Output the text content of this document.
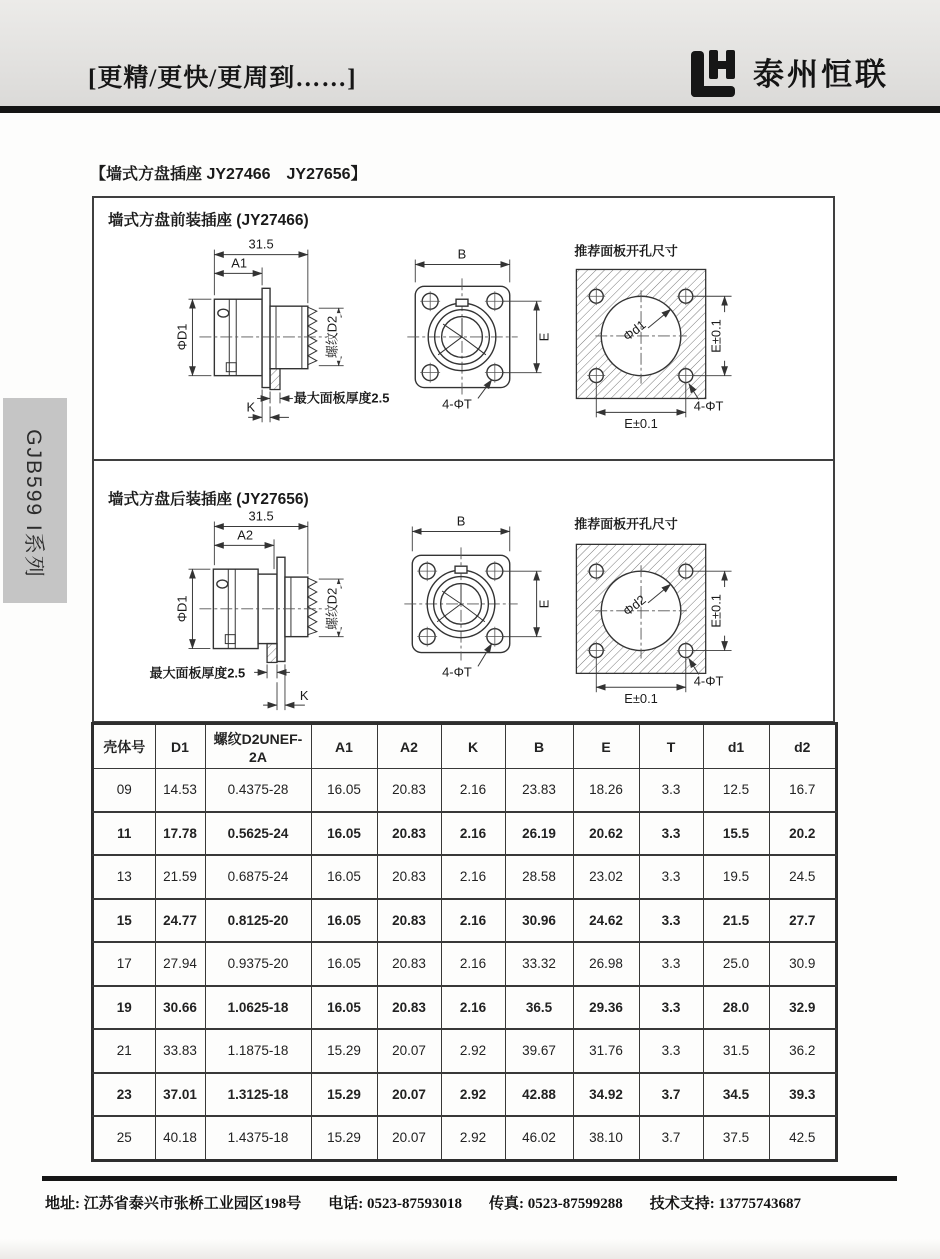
[更精/更快/更周到……]	泰州恒联
【墙式方盘插座 JY27466　JY27656】
GJB599 I系列
墙式方盘前装插座 (JY27466)
墙式方盘后装插座 (JY27656)
31.5
A1
ΦD1	螺纹D2
最大面板厚度2.5
K
B
E
4-ΦT
推荐面板开孔尺寸
Φd1	E±0.1
E±0.1
4-ΦT
31.5
A2
ΦD1	螺纹D2
最大面板厚度2.5
K
B
E
4-ΦT
推荐面板开孔尺寸
Φd2	E±0.1
E±0.1
4-ΦT
壳体号	D1	螺纹D2UNEF-2A	A1	A2	K	B	E	T	d1	d2
09	14.53	0.4375-28	16.05	20.83	2.16	23.83	18.26	3.3	12.5	16.7
11	17.78	0.5625-24	16.05	20.83	2.16	26.19	20.62	3.3	15.5	20.2
13	21.59	0.6875-24	16.05	20.83	2.16	28.58	23.02	3.3	19.5	24.5
15	24.77	0.8125-20	16.05	20.83	2.16	30.96	24.62	3.3	21.5	27.7
17	27.94	0.9375-20	16.05	20.83	2.16	33.32	26.98	3.3	25.0	30.9
19	30.66	1.0625-18	16.05	20.83	2.16	36.5	29.36	3.3	28.0	32.9
21	33.83	1.1875-18	15.29	20.07	2.92	39.67	31.76	3.3	31.5	36.2
23	37.01	1.3125-18	15.29	20.07	2.92	42.88	34.92	3.7	34.5	39.3
25	40.18	1.4375-18	15.29	20.07	2.92	46.02	38.10	3.7	37.5	42.5
地址: 江苏省泰兴市张桥工业园区198号 电话: 0523-87593018 传真: 0523-87599288 技术支持: 13775743687
